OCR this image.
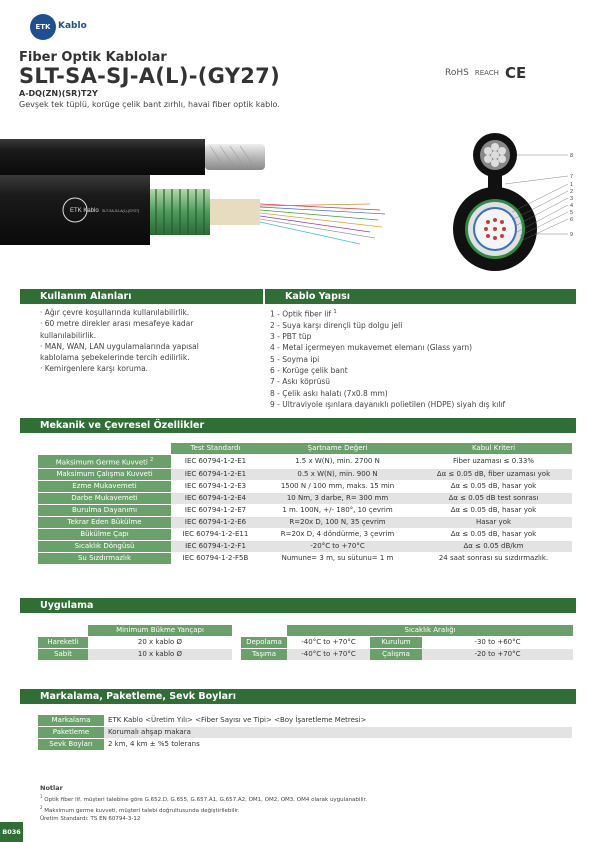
ETK Kablo
Fiber Optik Kablolar
SLT-SA-SJ-A(L)-(GY27)
A-DQ(ZN)(SR)T2Y
Gevşek tek tüplü, korüge çelik bant zırhlı, havai fiber optik kablo.
RoHS REACH CE
ETK Kablo SLT-SA-SJ-A(L)-(GY27)
8
7
1
2
3
4
5
6
9
Kullanım Alanları	Kablo Yapısı
· Ağır çevre koşullarında kullanılabilirlik.
· 60 metre direkler arası mesafeye kadar
kullanılabilirlik.
· MAN, WAN, LAN uygulamalarında yapısal
kablolama şebekelerinde tercih edilirlik.
· Kemirgenlere karşı koruma.
1 - Optik fiber lif $^1$
2 - Suya karşı dirençli tüp dolgu jeli
3 - PBT tüp
4 - Metal içermeyen mukavemet elemanı (Glass yarn)
5 - Soyma ipi
6 - Korüge çelik bant
7 - Askı köprüsü
8 - Çelik askı halatı (7x0.8 mm)
9 - Ultraviyole ışınlara dayanıklı polietilen (HDPE) siyah dış kılıf
Mekanik ve Çevresel Özellikler
	Test Standardı	Şartname Değeri	Kabul Kriteri
Maksimum Germe Kuvveti $^2$	IEC 60794-1-2-E1	1.5 x W(N), min. 2700 N	Fiber uzaması ≤ 0.33%
Maksimum Çalışma Kuvveti	IEC 60794-1-2-E1	0.5 x W(N), min. 900 N	Δα ≤ 0.05 dB, fiber uzaması yok
Ezme Mukavemeti	IEC 60794-1-2-E3	1500 N / 100 mm, maks. 15 min	Δα ≤ 0.05 dB, hasar yok
Darbe Mukavemeti	IEC 60794-1-2-E4	10 Nm, 3 darbe, R= 300 mm	Δα ≤ 0.05 dB test sonrası
Burulma Dayanımı	IEC 60794-1-2-E7	1 m. 100N, +/- 180°, 10 çevrim	Δα ≤ 0.05 dB, hasar yok
Tekrar Eden Bükülme	IEC 60794-1-2-E6	R=20x D, 100 N, 35 çevrim	Hasar yok
Bükülme Çapı	IEC 60794-1-2-E11	R=20x D, 4 döndürme, 3 çevrim	Δα ≤ 0.05 dB, hasar yok
Sıcaklık Döngüsü	IEC 60794-1-2-F1	-20°C to +70°C	Δα ≤ 0.05 dB/km
Su Sızdırmazlık	IEC 60794-1-2-F5B	Numune= 3 m, su sütunu= 1 m	24 saat sonrası su sızdırmazlık.
Uygulama
	Minimum Bükme Yançapı
Hareketli	20 x kablo Ø
Sabit	10 x kablo Ø
	Sıcaklık Aralığı		
Depolama	-40°C to +70°C	Kurulum	-30 to +60°C
Taşıma	-40°C to +70°C	Çalışma	-20 to +70°C
Markalama, Paketleme, Sevk Boyları
Markalama	ETK Kablo <Üretim Yılı> <Fiber Sayısı ve Tipi> <Boy İşaretleme Metresi>
Paketleme	Korumalı ahşap makara
Sevk Boyları	2 km, 4 km ± %5 tolerans
Notlar
$^1$ Optik fiber lif, müşteri talebine göre G.652.D, G.655, G.657.A1, G.657.A2, OM1, OM2, OM3, OM4 olarak uygulanabilir.
$^2$ Maksimum germe kuvveti, müşteri talebi doğrultusunda değiştirilebilir.
Üretim Standardı: TS EN 60794-3-12
B036
